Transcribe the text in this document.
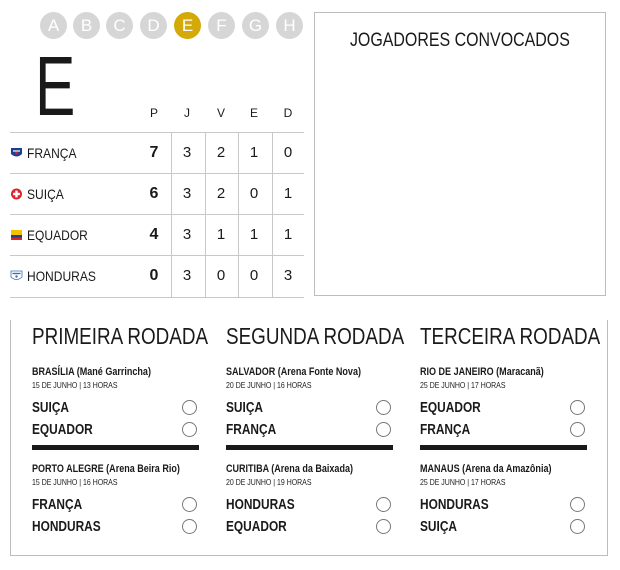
A	B	C	D	E	F	G	H
E	P	J	V	E	D
FRANÇA	7	3	2	1	0
SUIÇA	6	3	2	0	1
EQUADOR	4	3	1	1	1
HONDURAS	0	3	0	0	3
JOGADORES CONVOCADOS
PRIMEIRA RODADA
BRASÍLIA (Mané Garrincha)
15 DE JUNHO | 13 HORAS
SUIÇA
EQUADOR
PORTO ALEGRE (Arena Beira Rio)
15 DE JUNHO | 16 HORAS
FRANÇA
HONDURAS
SEGUNDA RODADA
SALVADOR (Arena Fonte Nova)
20 DE JUNHO | 16 HORAS
SUIÇA
FRANÇA
CURITIBA (Arena da Baixada)
20 DE JUNHO | 19 HORAS
HONDURAS
EQUADOR
TERCEIRA RODADA
RIO DE JANEIRO (Maracanã)
25 DE JUNHO | 17 HORAS
EQUADOR
FRANÇA
MANAUS (Arena da Amazônia)
25 DE JUNHO | 17 HORAS
HONDURAS
SUIÇA
